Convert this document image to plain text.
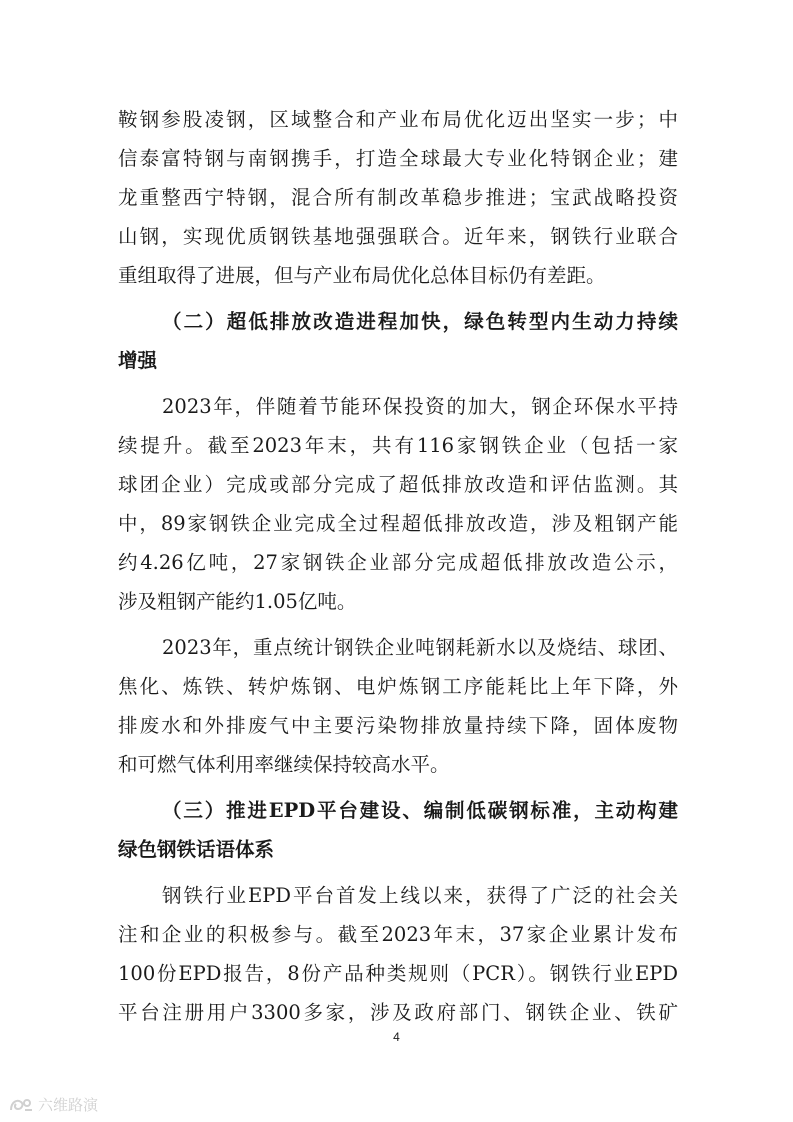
鞍钢参股凌钢，区域整合和产业布局优化迈出坚实一步；中
信泰富特钢与南钢携手，打造全球最大专业化特钢企业；建
龙重整西宁特钢，混合所有制改革稳步推进；宝武战略投资
山钢，实现优质钢铁基地强强联合。近年来，钢铁行业联合
重组取得了进展，但与产业布局优化总体目标仍有差距。
（二）超低排放改造进程加快，绿色转型内生动力持续
增强
2023年，伴随着节能环保投资的加大，钢企环保水平持
续提升。截至2023年末，共有116家钢铁企业（包括一家
球团企业）完成或部分完成了超低排放改造和评估监测。其
中，89家钢铁企业完成全过程超低排放改造，涉及粗钢产能
约4.26亿吨，27家钢铁企业部分完成超低排放改造公示，
涉及粗钢产能约1.05亿吨。
2023年，重点统计钢铁企业吨钢耗新水以及烧结、球团、
焦化、炼铁、转炉炼钢、电炉炼钢工序能耗比上年下降，外
排废水和外排废气中主要污染物排放量持续下降，固体废物
和可燃气体利用率继续保持较高水平。
（三）推进EPD平台建设、编制低碳钢标准，主动构建
绿色钢铁话语体系
钢铁行业EPD平台首发上线以来，获得了广泛的社会关
注和企业的积极参与。截至2023年末，37家企业累计发布
100份EPD报告，8份产品种类规则（PCR）。钢铁行业EPD
平台注册用户3300多家，涉及政府部门、钢铁企业、铁矿
4
六维路演
